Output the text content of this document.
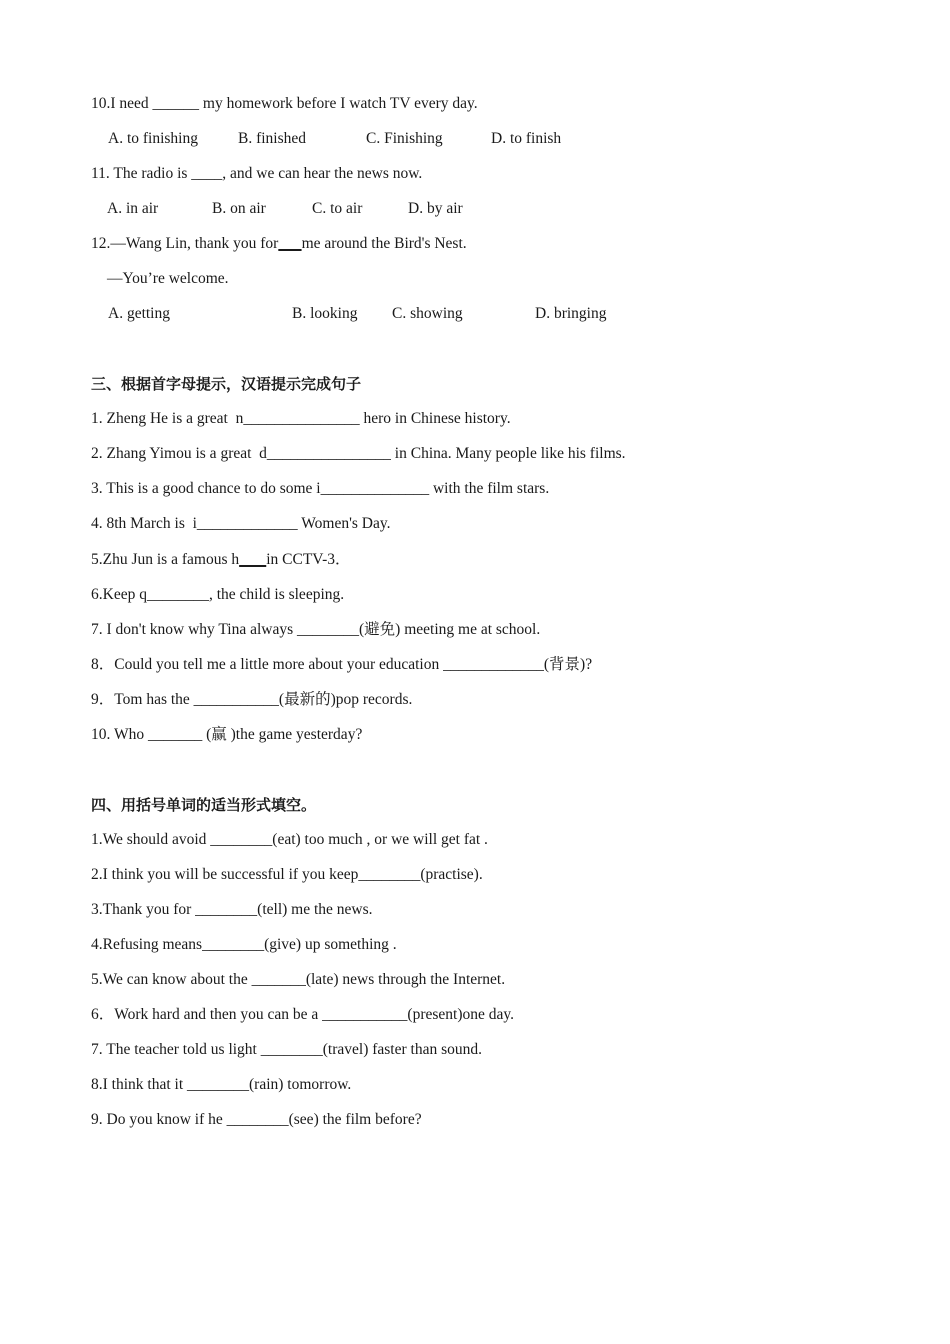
10.I need ______ my homework before I watch TV every day.
A. to finishing	B. finished	C. Finishing	D. to finish
11. The radio is ____, and we can hear the news now.
A. in air	B. on air	C. to air	D. by air
12.—Wang Lin, thank you for me around the Bird's Nest.
—You’re welcome.
A. getting	B. looking C. showing	D. bringing
三、根据首字母提示，汉语提示完成句子
1. Zheng He is a great  n_______________ hero in Chinese history.
2. Zhang Yimou is a great  d________________ in China. Many people like his films.
3. This is a good chance to do some i______________ with the film stars.
4. 8th March is  i_____________ Women's Day.
5.Zhu Jun is a famous h in CCTV-3．
6.Keep q________, the child is sleeping.
7. I don't know why Tina always ________(避免) meeting me at school.
8．Could you tell me a little more about your education _____________(背景)?
9．Tom has the ___________(最新的)pop records.
10. Who _______ (赢 )the game yesterday?
四、用括号单词的适当形式填空。
1.We should avoid ________(eat) too much , or we will get fat .
2.I think you will be successful if you keep________(practise).
3.Thank you for ________(tell) me the news.
4.Refusing means________(give) up something .
5.We can know about the _______(late) news through the Internet.
6．Work hard and then you can be a ___________(present)one day.
7. The teacher told us light ________(travel) faster than sound.
8.I think that it ________(rain) tomorrow.
9. Do you know if he ________(see) the film before?
